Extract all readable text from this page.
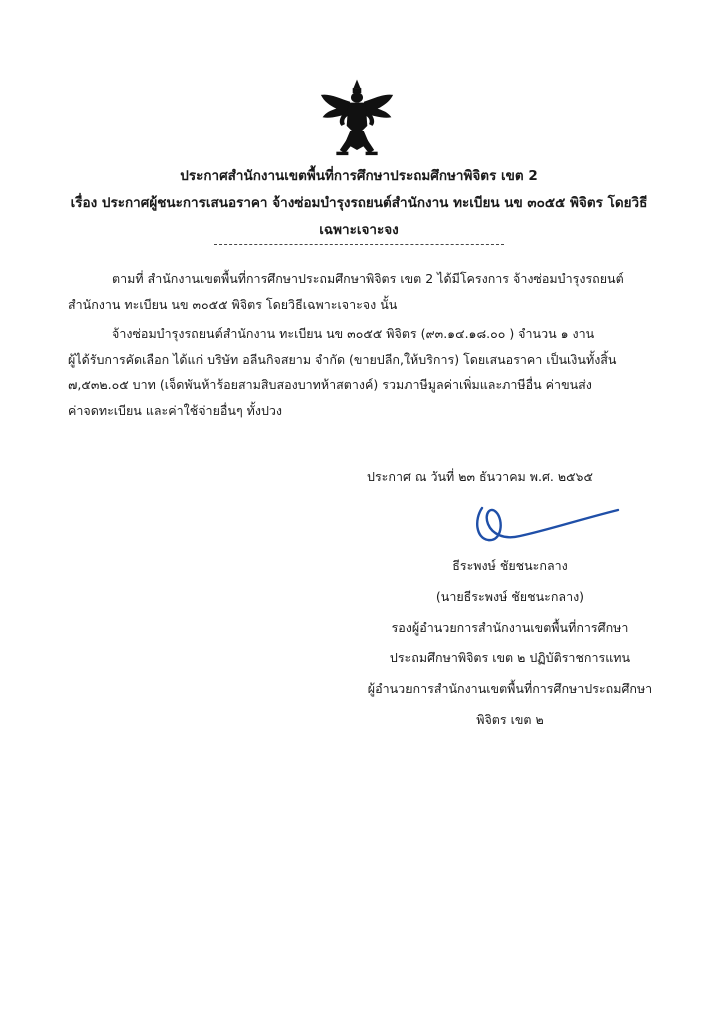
ประกาศสำนักงานเขตพื้นที่การศึกษาประถมศึกษาพิจิตร เขต 2
เรื่อง ประกาศผู้ชนะการเสนอราคา จ้างซ่อมบำรุงรถยนต์สำนักงาน ทะเบียน นข ๓๐๕๕ พิจิตร โดยวิธี
เฉพาะเจาะจง
ตามที่ สำนักงานเขตพื้นที่การศึกษาประถมศึกษาพิจิตร เขต 2 ได้มีโครงการ จ้างซ่อมบำรุงรถยนต์
สำนักงาน ทะเบียน นข ๓๐๕๕ พิจิตร โดยวิธีเฉพาะเจาะจง นั้น
จ้างซ่อมบำรุงรถยนต์สำนักงาน ทะเบียน นข ๓๐๕๕ พิจิตร (๙๓.๑๔.๑๘.๐๐ ) จำนวน ๑ งาน
ผู้ได้รับการคัดเลือก ได้แก่ บริษัท อลีนกิจสยาม จำกัด (ขายปลีก,ให้บริการ) โดยเสนอราคา เป็นเงินทั้งสิ้น
๗,๕๓๒.๐๕ บาท (เจ็ดพันห้าร้อยสามสิบสองบาทห้าสตางค์) รวมภาษีมูลค่าเพิ่มและภาษีอื่น ค่าขนส่ง
ค่าจดทะเบียน และค่าใช้จ่ายอื่นๆ ทั้งปวง
ประกาศ ณ วันที่ ๒๓ ธันวาคม พ.ศ. ๒๕๖๕
ธีระพงษ์ ชัยชนะกลาง
(นายธีระพงษ์ ชัยชนะกลาง)
รองผู้อำนวยการสำนักงานเขตพื้นที่การศึกษา
ประถมศึกษาพิจิตร เขต ๒ ปฏิบัติราชการแทน
ผู้อำนวยการสำนักงานเขตพื้นที่การศึกษาประถมศึกษา
พิจิตร เขต ๒
